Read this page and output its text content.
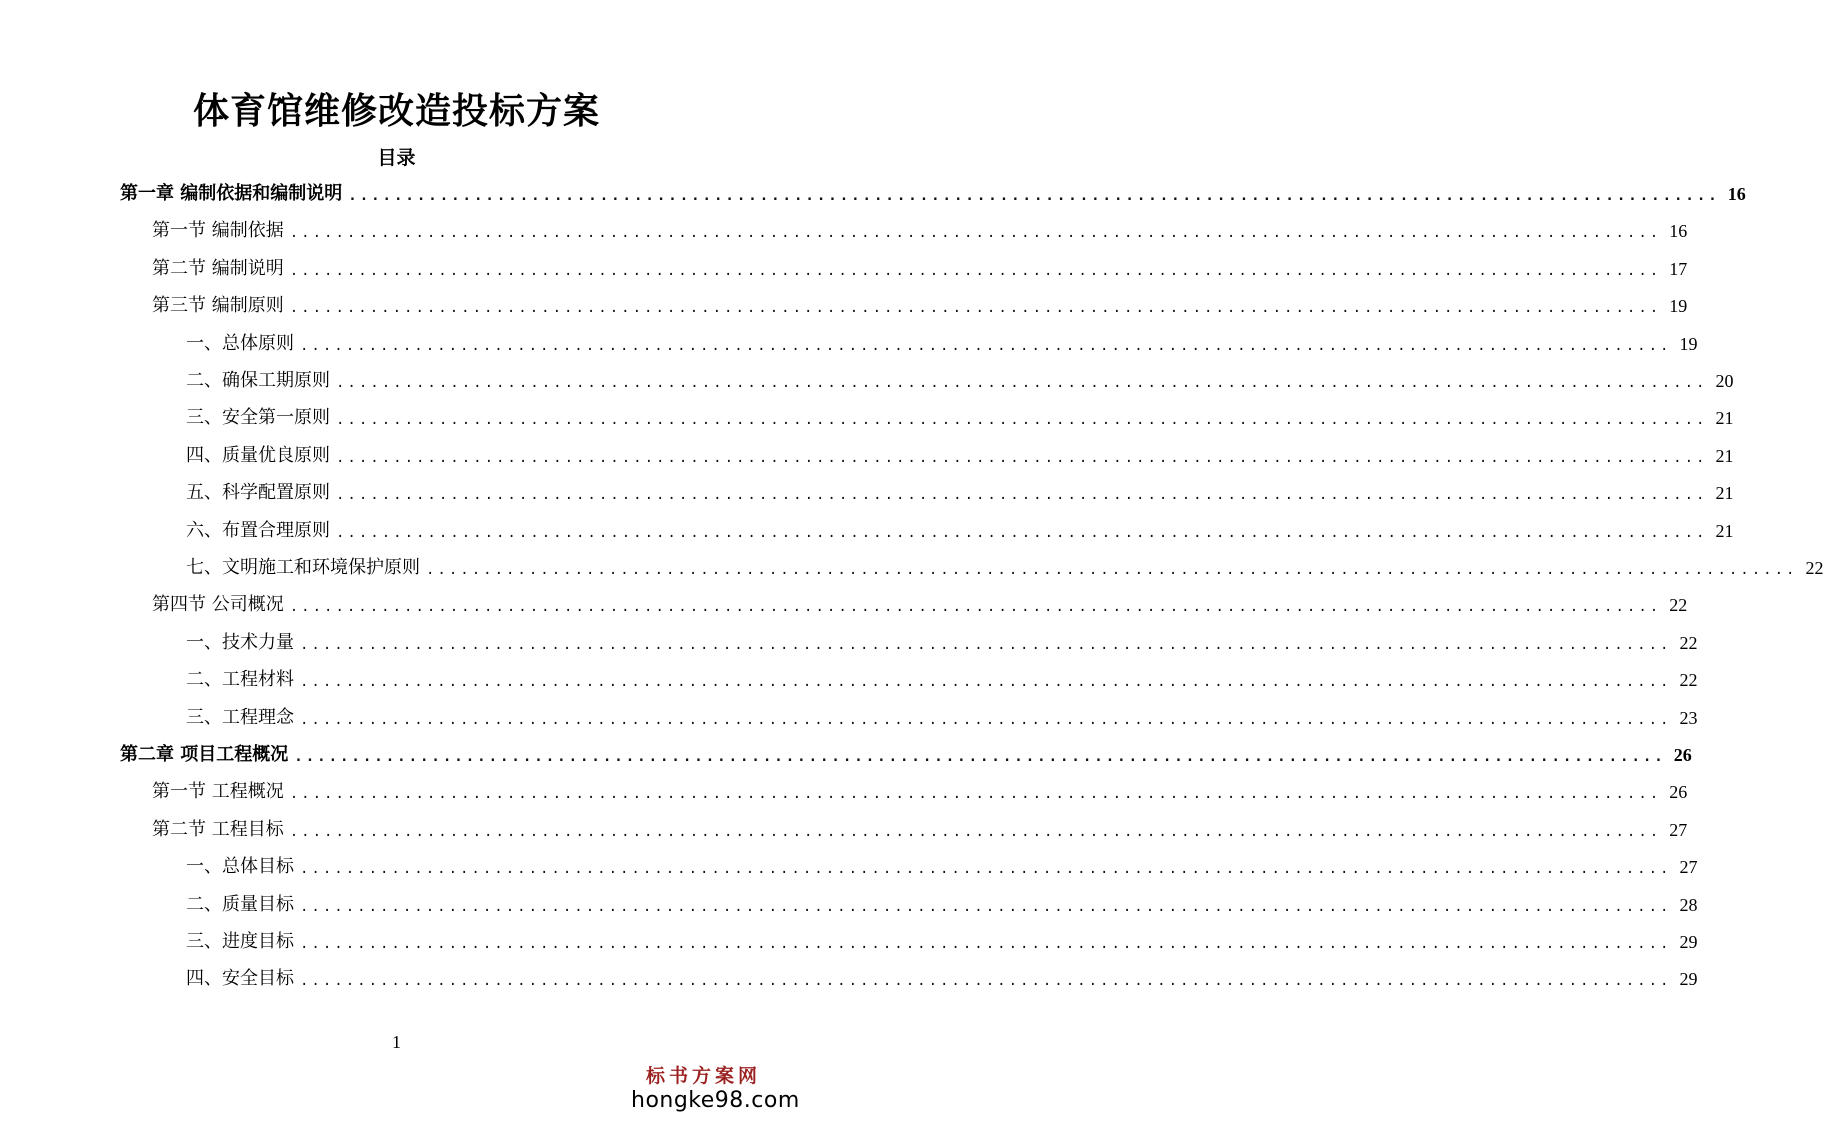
体育馆维修改造投标方案
目录
第一章 编制依据和编制说明 ........................................................................................................................ 16
第一节 编制依据 ........................................................................................................................ 16
第二节 编制说明 ........................................................................................................................ 17
第三节 编制原则 ........................................................................................................................ 19
一、总体原则 ........................................................................................................................ 19
二、确保工期原则 ........................................................................................................................ 20
三、安全第一原则 ........................................................................................................................ 21
四、质量优良原则 ........................................................................................................................ 21
五、科学配置原则 ........................................................................................................................ 21
六、布置合理原则 ........................................................................................................................ 21
七、文明施工和环境保护原则 ........................................................................................................................ 22
第四节 公司概况 ........................................................................................................................ 22
一、技术力量 ........................................................................................................................ 22
二、工程材料 ........................................................................................................................ 22
三、工程理念 ........................................................................................................................ 23
第二章 项目工程概况 ........................................................................................................................ 26
第一节 工程概况 ........................................................................................................................ 26
第二节 工程目标 ........................................................................................................................ 27
一、总体目标 ........................................................................................................................ 27
二、质量目标 ........................................................................................................................ 28
三、进度目标 ........................................................................................................................ 29
四、安全目标 ........................................................................................................................ 29
1
标书方案网
hongke98.com
